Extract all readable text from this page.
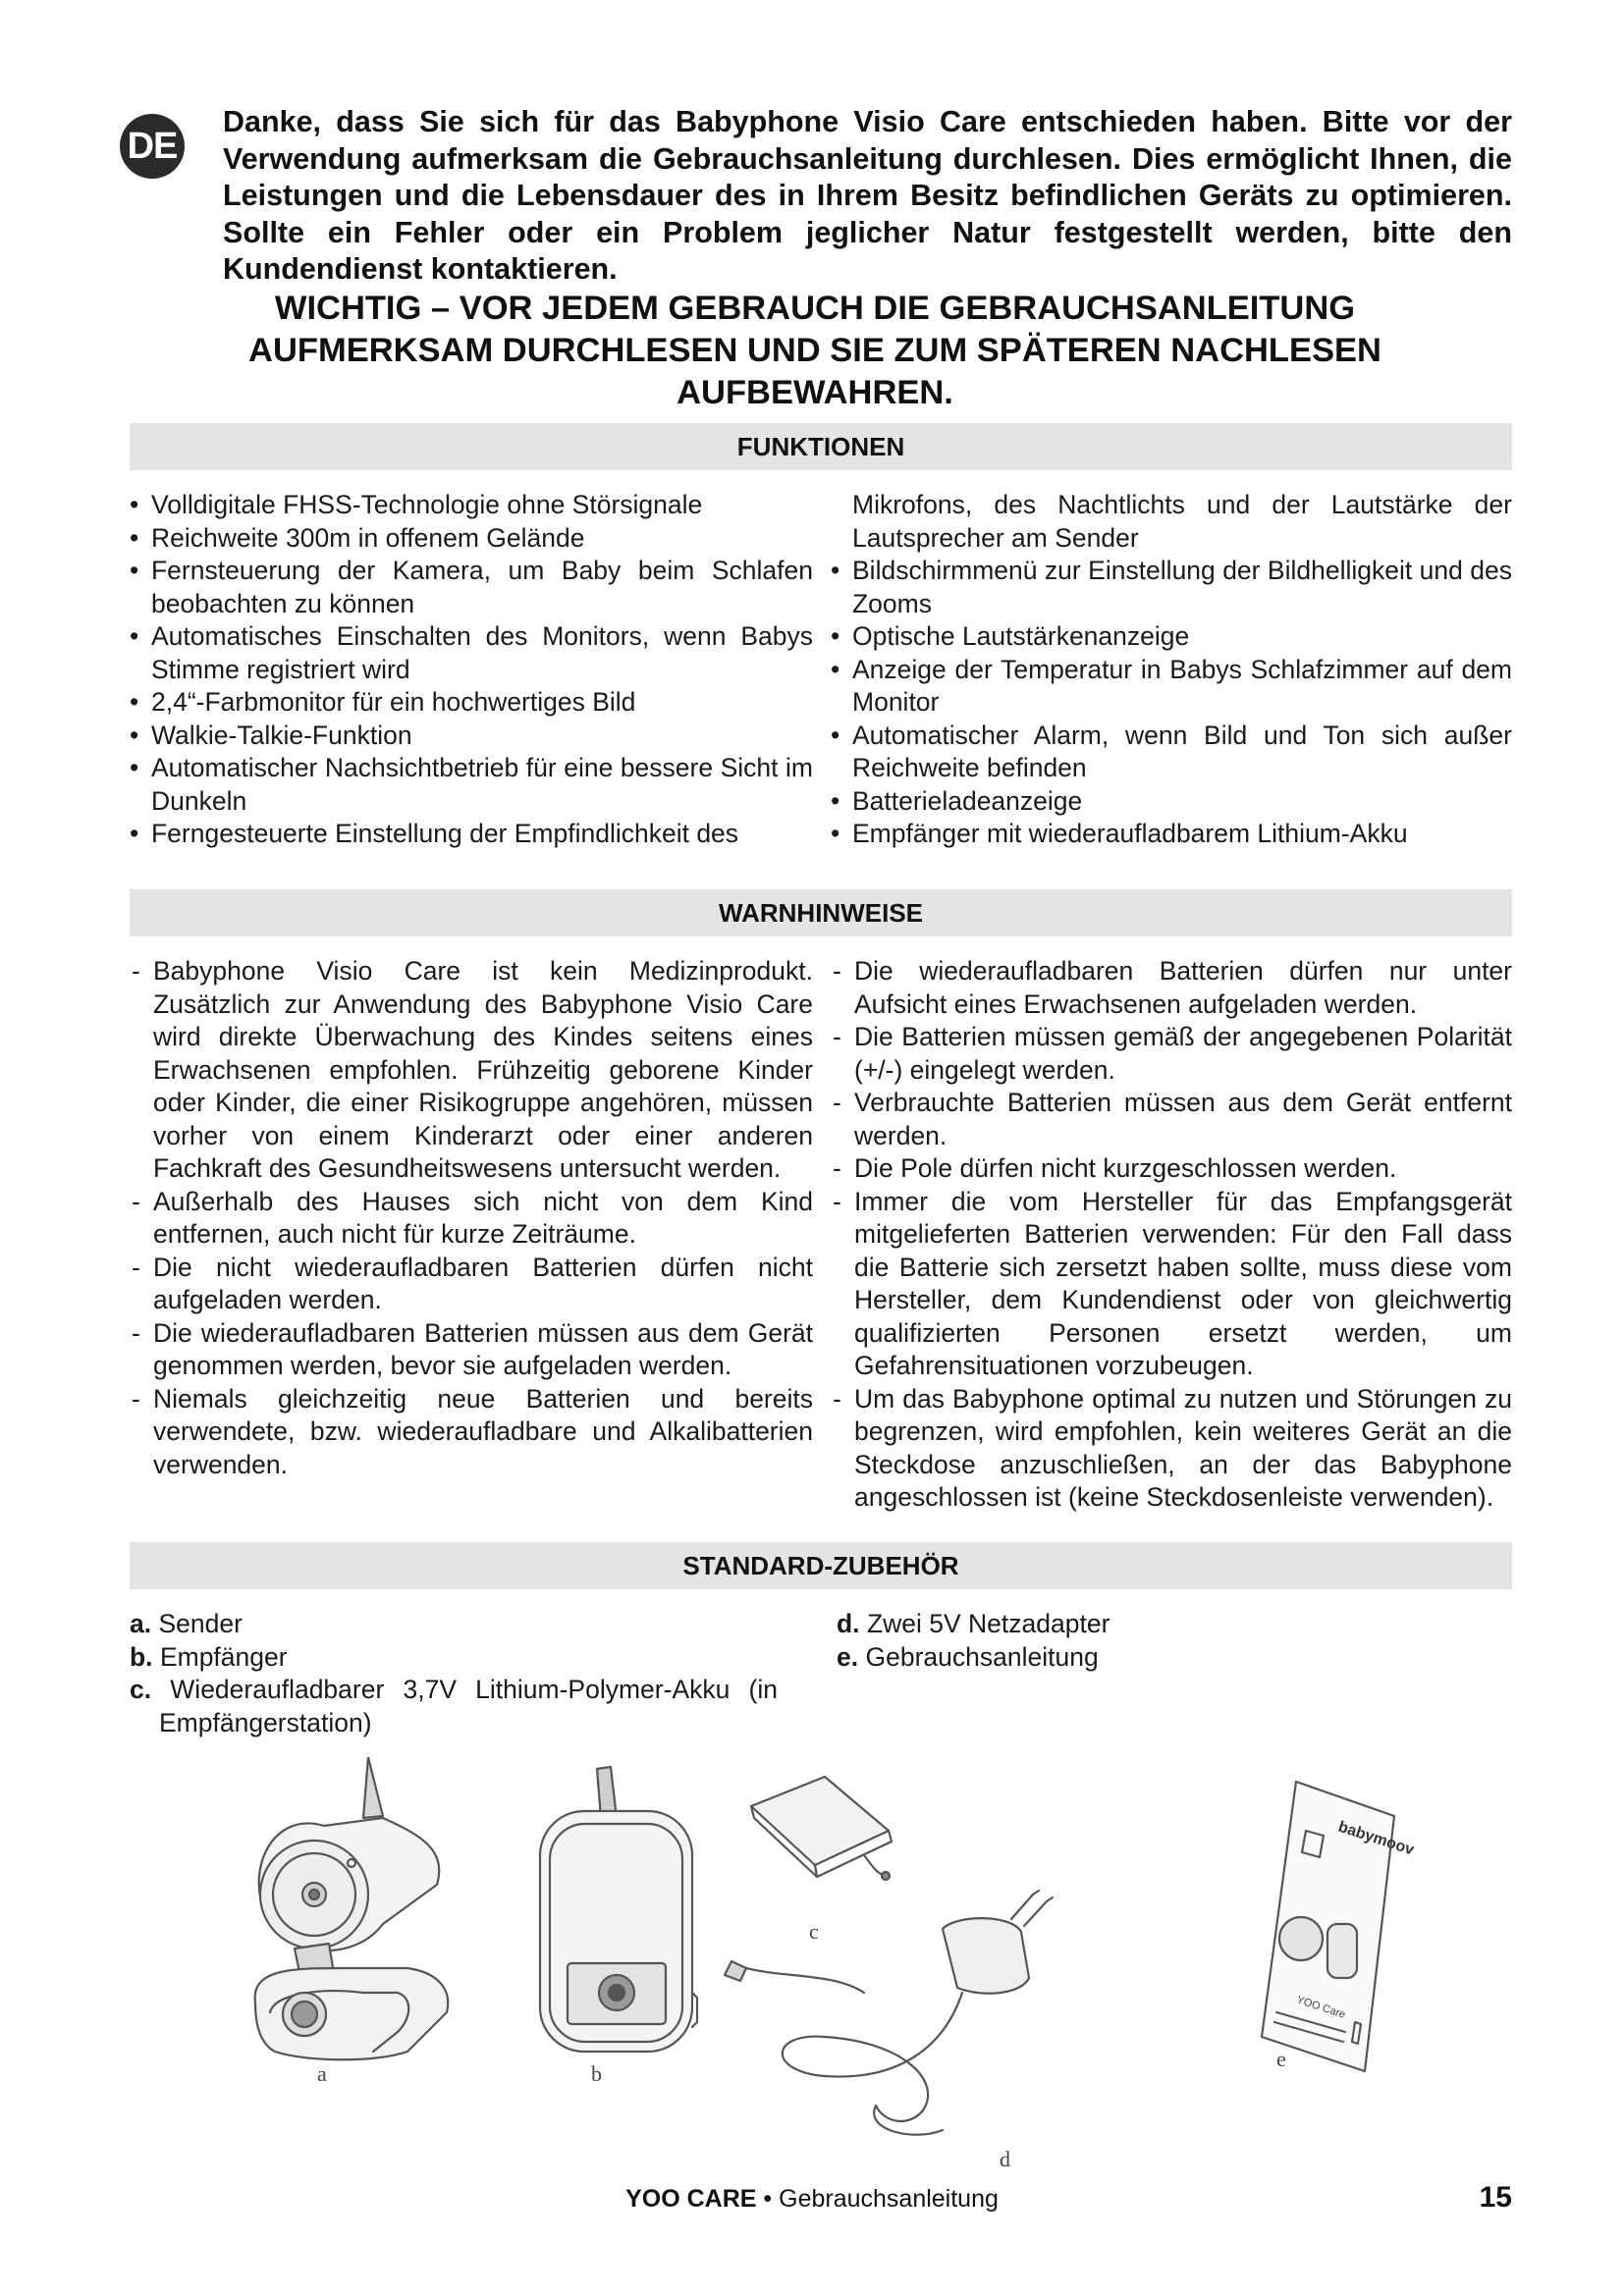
DE
Danke, dass Sie sich für das Babyphone Visio Care entschieden haben. Bitte vor der Verwendung aufmerksam die Gebrauchsanleitung durchlesen. Dies ermöglicht Ihnen, die Leistungen und die Lebensdauer des in Ihrem Besitz befindlichen Geräts zu optimieren. Sollte ein Fehler oder ein Problem jeglicher Natur festgestellt werden, bitte den Kundendienst kontaktieren.
WICHTIG – VOR JEDEM GEBRAUCH DIE GEBRAUCHSANLEITUNG AUFMERKSAM DURCHLESEN UND SIE ZUM SPÄTEREN NACHLESEN AUFBEWAHREN.
FUNKTIONEN
• Volldigitale FHSS-Technologie ohne Störsignale
• Reichweite 300m in offenem Gelände
• Fernsteuerung der Kamera, um Baby beim Schlafen beobachten zu können
• Automatisches Einschalten des Monitors, wenn Babys Stimme registriert wird
• 2,4“-Farbmonitor für ein hochwertiges Bild
• Walkie-Talkie-Funktion
• Automatischer Nachsichtbetrieb für eine bessere Sicht im Dunkeln
• Ferngesteuerte Einstellung der Empfindlichkeit des
Mikrofons, des Nachtlichts und der Lautstärke der Lautsprecher am Sender
• Bildschirmmenü zur Einstellung der Bildhelligkeit und des Zooms
• Optische Lautstärkenanzeige
• Anzeige der Temperatur in Babys Schlafzimmer auf dem Monitor
• Automatischer Alarm, wenn Bild und Ton sich außer Reichweite befinden
• Batterieladeanzeige
• Empfänger mit wiederaufladbarem Lithium-Akku
WARNHINWEISE
- Babyphone Visio Care ist kein Medizinprodukt. Zusätzlich zur Anwendung des Babyphone Visio Care wird direkte Überwachung des Kindes seitens eines Erwachsenen empfohlen. Frühzeitig geborene Kinder oder Kinder, die einer Risikogruppe angehören, müssen vorher von einem Kinderarzt oder einer anderen Fachkraft des Gesundheitswesens untersucht werden.
- Außerhalb des Hauses sich nicht von dem Kind entfernen, auch nicht für kurze Zeiträume.
- Die nicht wiederaufladbaren Batterien dürfen nicht aufgeladen werden.
- Die wiederaufladbaren Batterien müssen aus dem Gerät genommen werden, bevor sie aufgeladen werden.
- Niemals gleichzeitig neue Batterien und bereits verwendete, bzw. wiederaufladbare und Alkalibatterien verwenden.
- Die wiederaufladbaren Batterien dürfen nur unter Aufsicht eines Erwachsenen aufgeladen werden.
- Die Batterien müssen gemäß der angegebenen Polarität (+/-) eingelegt werden.
- Verbrauchte Batterien müssen aus dem Gerät entfernt werden.
- Die Pole dürfen nicht kurzgeschlossen werden.
- Immer die vom Hersteller für das Empfangsgerät mitgelieferten Batterien verwenden: Für den Fall dass die Batterie sich zersetzt haben sollte, muss diese vom Hersteller, dem Kundendienst oder von gleichwertig qualifizierten Personen ersetzt werden, um Gefahrensituationen vorzubeugen.
- Um das Babyphone optimal zu nutzen und Störungen zu begrenzen, wird empfohlen, kein weiteres Gerät an die Steckdose anzuschließen, an der das Babyphone angeschlossen ist (keine Steckdosenleiste verwenden).
STANDARD-ZUBEHÖR
a. Sender
b. Empfänger
c. Wiederaufladbarer 3,7V Lithium-Polymer-Akku (in Empfängerstation)
d. Zwei 5V Netzadapter
e. Gebrauchsanleitung
babymoov
YOO Care
a	b
c
d
e
YOO CARE • Gebrauchsanleitung	15
